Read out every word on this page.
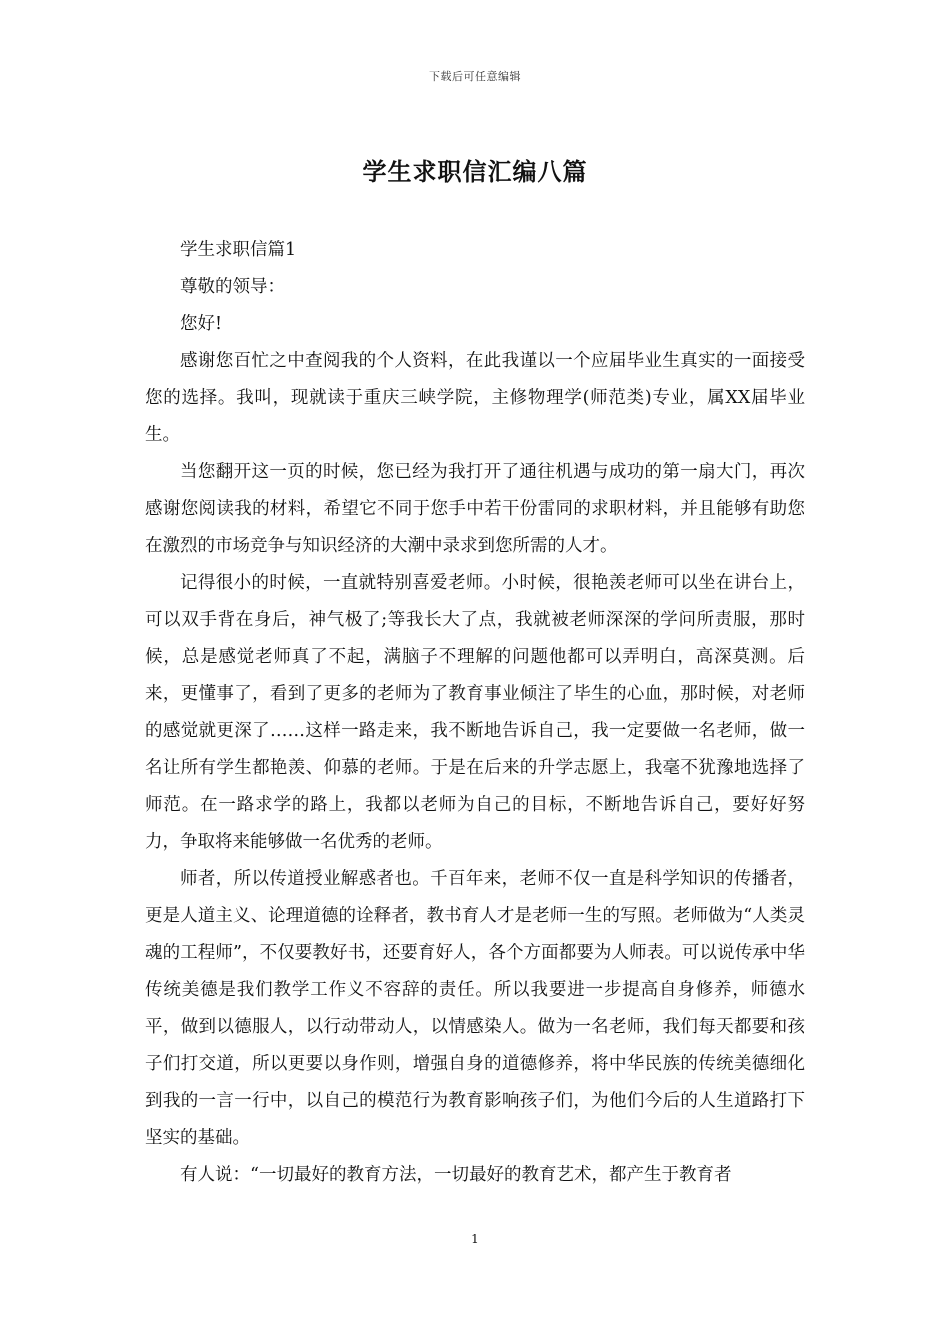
下载后可任意编辑
学生求职信汇编八篇

学生求职信篇1

尊敬的领导：

您好!

感谢您百忙之中查阅我的个人资料，在此我谨以一个应届毕业生真实的一面接受您的选择。我叫，现就读于重庆三峡学院，主修物理学(师范类)专业，属XX届毕业生。

当您翻开这一页的时候，您已经为我打开了通往机遇与成功的第一扇大门，再次感谢您阅读我的材料，希望它不同于您手中若干份雷同的求职材料，并且能够有助您在激烈的市场竞争与知识经济的大潮中录求到您所需的人才。

记得很小的时候，一直就特别喜爱老师。小时候，很艳羡老师可以坐在讲台上，可以双手背在身后，神气极了;等我长大了点，我就被老师深深的学问所责服，那时候，总是感觉老师真了不起，满脑子不理解的问题他都可以弄明白，高深莫测。后来，更懂事了，看到了更多的老师为了教育事业倾注了毕生的心血，那时候，对老师的感觉就更深了……这样一路走来，我不断地告诉自己，我一定要做一名老师，做一名让所有学生都艳羡、仰慕的老师。于是在后来的升学志愿上，我毫不犹豫地选择了师范。在一路求学的路上，我都以老师为自己的目标，不断地告诉自己，要好好努力，争取将来能够做一名优秀的老师。

师者，所以传道授业解惑者也。千百年来，老师不仅一直是科学知识的传播者，更是人道主义、论理道德的诠释者，教书育人才是老师一生的写照。老师做为“人类灵魂的工程师”，不仅要教好书，还要育好人，各个方面都要为人师表。可以说传承中华传统美德是我们教学工作义不容辞的责任。所以我要进一步提高自身修养，师德水平，做到以德服人，以行动带动人，以情感染人。做为一名老师，我们每天都要和孩子们打交道，所以更要以身作则，增强自身的道德修养，将中华民族的传统美德细化到我的一言一行中，以自己的模范行为教育影响孩子们，为他们今后的人生道路打下坚实的基础。

有人说：“一切最好的教育方法，一切最好的教育艺术，都产生于教育者

1
